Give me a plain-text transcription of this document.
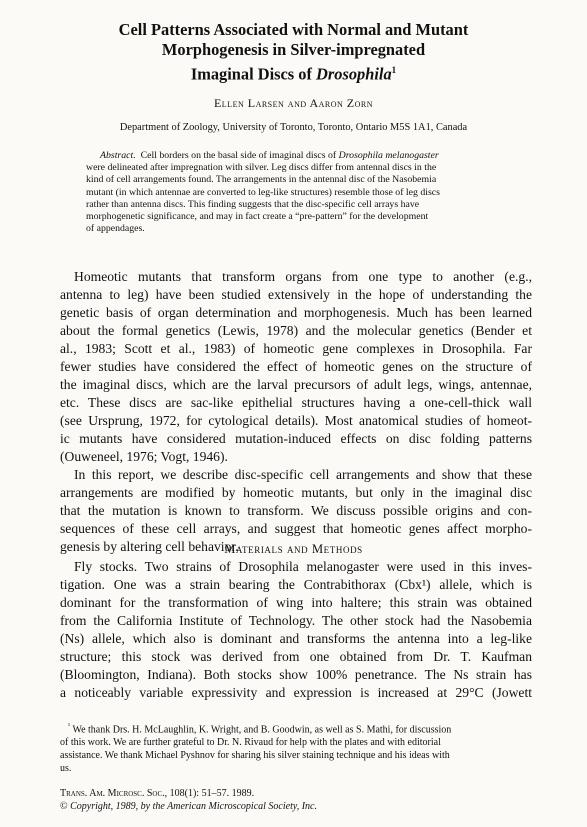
Cell Patterns Associated with Normal and Mutant
Morphogenesis in Silver-impregnated
Imaginal Discs of Drosophila$^1$

Ellen Larsen and Aaron Zorn

Department of Zoology, University of Toronto, Toronto, Ontario M5S 1A1, Canada

Abstract. Cell borders on the basal side of imaginal discs of Drosophila melanogaster
were delineated after impregnation with silver. Leg discs differ from antennal discs in the
kind of cell arrangements found. The arrangements in the antennal disc of the Nasobemia
mutant (in which antennae are converted to leg-like structures) resemble those of leg discs
rather than antenna discs. This finding suggests that the disc-specific cell arrays have
morphogenetic significance, and may in fact create a “pre-pattern” for the development
of appendages.
Homeotic mutants that transform organs from one type to another (e.g.,
antenna to leg) have been studied extensively in the hope of understanding the
genetic basis of organ determination and morphogenesis. Much has been learned
about the formal genetics (Lewis, 1978) and the molecular genetics (Bender et
al., 1983; Scott et al., 1983) of homeotic gene complexes in Drosophila. Far
fewer studies have considered the effect of homeotic genes on the structure of
the imaginal discs, which are the larval precursors of adult legs, wings, antennae,
etc. These discs are sac-like epithelial structures having a one-cell-thick wall
(see Ursprung, 1972, for cytological details). Most anatomical studies of homeot-
ic mutants have considered mutation-induced effects on disc folding patterns
(Ouweneel, 1976; Vogt, 1946).
In this report, we describe disc-specific cell arrangements and show that these
arrangements are modified by homeotic mutants, but only in the imaginal disc
that the mutation is known to transform. We discuss possible origins and con-
sequences of these cell arrays, and suggest that homeotic genes affect morpho-
genesis by altering cell behavior.

Materials and Methods

Fly stocks. Two strains of Drosophila melanogaster were used in this inves-
tigation. One was a strain bearing the Contrabithorax (Cbx¹) allele, which is
dominant for the transformation of wing into haltere; this strain was obtained
from the California Institute of Technology. The other stock had the Nasobemia
(Ns) allele, which also is dominant and transforms the antenna into a leg-like
structure; this stock was derived from one obtained from Dr. T. Kaufman
(Bloomington, Indiana). Both stocks show 100% penetrance. The Ns strain has
a noticeably variable expressivity and expression is increased at 29°C (Jowett
$^{^1}$ We thank Drs. H. McLaughlin, K. Wright, and B. Goodwin, as well as S. Mathi, for discussion
of this work. We are further grateful to Dr. N. Rivaud for help with the plates and with editorial
assistance. We thank Michael Pyshnov for sharing his silver staining technique and his ideas with
us.
Trans. Am. Microsc. Soc., 108(1): 51–57. 1989.
© Copyright, 1989, by the American Microscopical Society, Inc.
